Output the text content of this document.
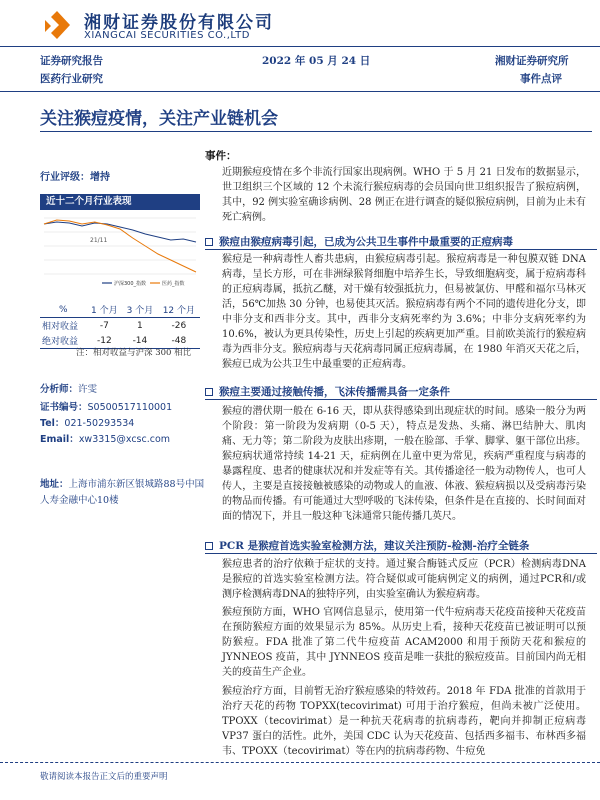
湘财证券股份有限公司
XIANGCAI SECURITIES CO.,LTD
证券研究报告	2022 年 05 月 24 日	湘财证券研究所
医药行业研究	事件点评
关注猴痘疫情，关注产业链机会
行业评级：增持
近十二个月行业表现
21/11
沪深300_指数	医药_指数
%	1 个月	3 个月	12 个月
相对收益	-7	1	-26
绝对收益	-12	-14	-48
注：相对收益与沪深 300 相比
分析师：许雯
证书编号：S0500517110001
Tel：021-50293534
Email：xw3315@xcsc.com
地址：上海市浦东新区银城路88号中国人寿金融中心10楼
事件：

近期猴痘疫情在多个非流行国家出现病例。WHO 于 5 月 21 日发布的数据显示，世卫组织三个区域的 12 个未流行猴痘病毒的会员国向世卫组织报告了猴痘病例，其中，92 例实验室确诊病例、28 例正在进行调查的疑似猴痘病例，目前为止未有死亡病例。

猴痘由猴痘病毒引起，已成为公共卫生事件中最重要的正痘病毒

猴痘是一种病毒性人畜共患病，由猴痘病毒引起。猴痘病毒是一种包膜双链 DNA 病毒，呈长方形，可在非洲绿猴肾细胞中培养生长，导致细胞病变，属于痘病毒科的正痘病毒属，抵抗乙醚，对干燥有较强抵抗力，但易被氯仿、甲醛和福尔马林灭活，56℃加热 30 分钟，也易使其灭活。猴痘病毒有两个不同的遗传进化分支，即中非分支和西非分支。其中，西非分支病死率约为 3.6%；中非分支病死率约为 10.6%，被认为更具传染性，历史上引起的疾病更加严重。目前欧美流行的猴痘病毒为西非分支。猴痘病毒与天花病毒同属正痘病毒属，在 1980 年消灭天花之后，猴痘已成为公共卫生中最重要的正痘病毒。

猴痘主要通过接触传播，飞沫传播需具备一定条件

猴痘的潜伏期一般在 6-16 天，即从获得感染到出现症状的时间。感染一般分为两个阶段：第一阶段为发病期（0-5 天），特点是发热、头痛、淋巴结肿大、肌肉痛、无力等；第二阶段为皮肤出疹期，一般在脸部、手掌、脚掌、躯干部位出疹。猴痘病状通常持续 14-21 天，症病例在儿童中更为常见，疾病严重程度与病毒的暴露程度、患者的健康状况和并发症等有关。其传播途径一般为动物传人，也可人传人，主要是直接接触被感染的动物或人的血液、体液、猴痘病损以及受病毒污染的物品而传播。有可能通过大型呼吸的飞沫传染，但条件是在直接的、长时间面对面的情况下，并且一般这种飞沫通常只能传播几英尺。

PCR 是猴痘首选实验室检测方法，建议关注预防-检测-治疗全链条

猴痘患者的治疗依赖于症状的支持。通过聚合酶链式反应（PCR）检测病毒DNA 是猴痘的首选实验室检测方法。符合疑似或可能病例定义的病例，通过PCR和/或测序检测病毒DNA的独特序列，由实验室确认为猴痘病毒。

猴痘预防方面，WHO 官网信息显示，使用第一代牛痘病毒天花疫苗接种天花疫苗在预防猴痘方面的效果显示为 85%。从历史上看，接种天花疫苗已被证明可以预防猴痘。FDA 批准了第二代牛痘疫苗 ACAM2000 和用于预防天花和猴痘的 JYNNEOS 疫苗，其中 JYNNEOS 疫苗是唯一获批的猴痘疫苗。目前国内尚无相关的疫苗生产企业。

猴痘治疗方面，目前暂无治疗猴痘感染的特效药。2018 年 FDA 批准的首款用于治疗天花的药物 TOPXX(tecovirimat) 可用于治疗猴痘，但尚未被广泛使用。TPOXX（tecovirimat）是一种抗天花病毒的抗病毒药，靶向并抑制正痘病毒 VP37 蛋白的活性。此外，美国 CDC 认为天花疫苗、包括西多福韦、布林西多福韦、TPOXX（tecovirimat）等在内的抗病毒药物、牛痘免

敬请阅读本报告正文后的重要声明
